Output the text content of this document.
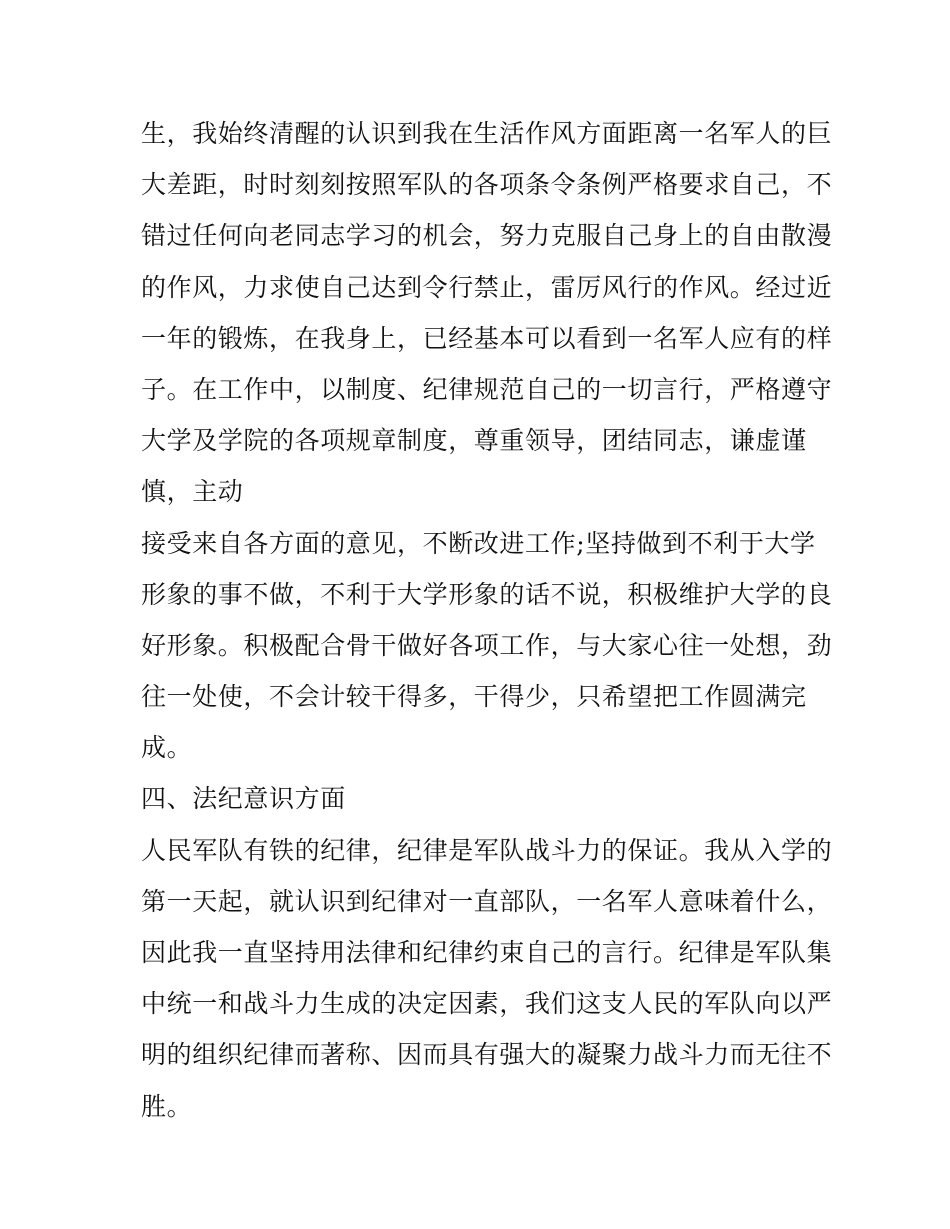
生，我始终清醒的认识到我在生活作风方面距离一名军人的巨
大差距，时时刻刻按照军队的各项条令条例严格要求自己，不
错过任何向老同志学习的机会，努力克服自己身上的自由散漫
的作风，力求使自己达到令行禁止，雷厉风行的作风。经过近
一年的锻炼，在我身上，已经基本可以看到一名军人应有的样
子。在工作中，以制度、纪律规范自己的一切言行，严格遵守
大学及学院的各项规章制度，尊重领导，团结同志，谦虚谨
慎，主动
接受来自各方面的意见，不断改进工作;坚持做到不利于大学
形象的事不做，不利于大学形象的话不说，积极维护大学的良
好形象。积极配合骨干做好各项工作，与大家心往一处想，劲
往一处使，不会计较干得多，干得少，只希望把工作圆满完
成。
四、法纪意识方面
人民军队有铁的纪律，纪律是军队战斗力的保证。我从入学的
第一天起，就认识到纪律对一直部队，一名军人意味着什么，
因此我一直坚持用法律和纪律约束自己的言行。纪律是军队集
中统一和战斗力生成的决定因素，我们这支人民的军队向以严
明的组织纪律而著称、因而具有强大的凝聚力战斗力而无往不
胜。
